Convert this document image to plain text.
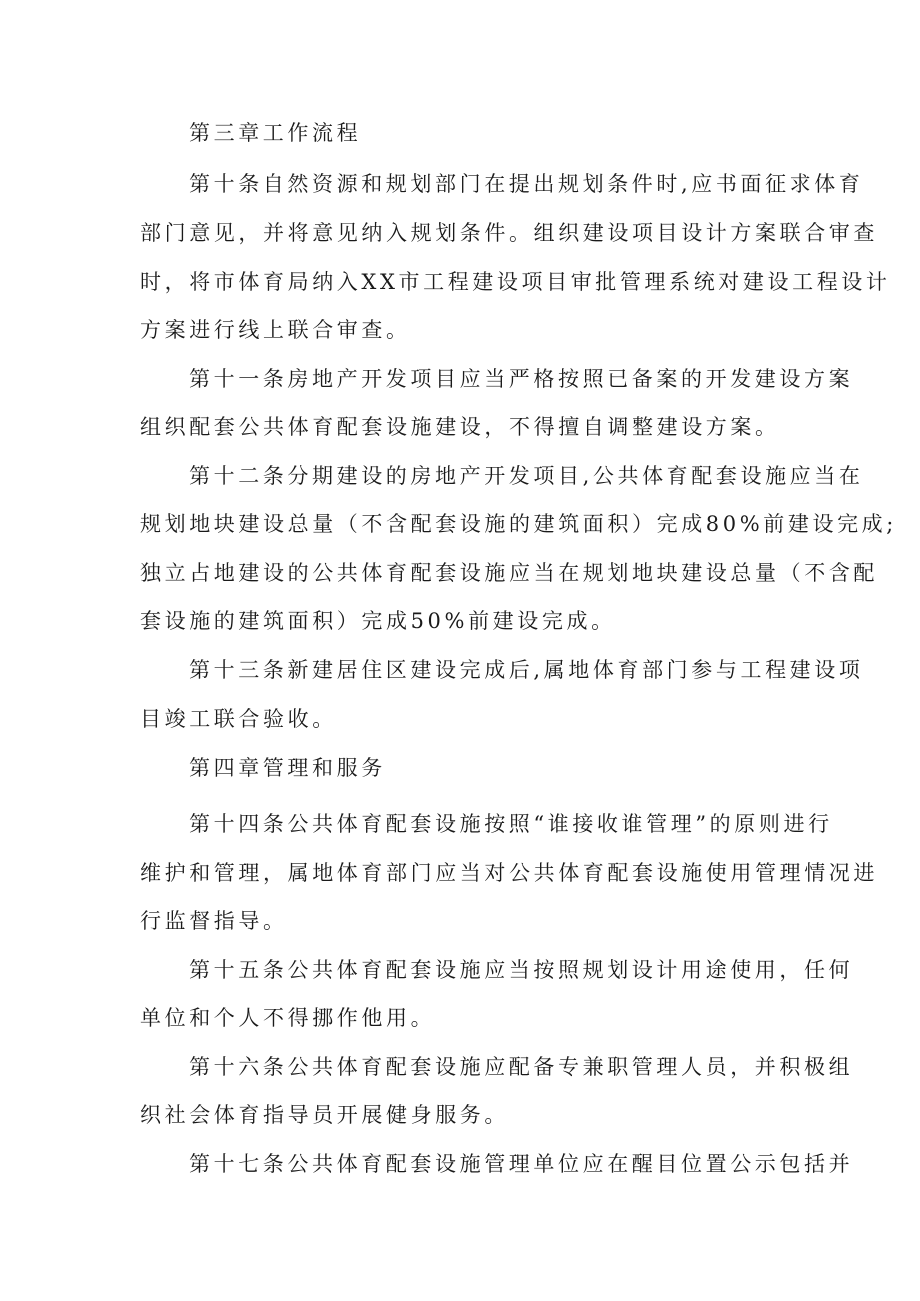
第三章工作流程
第十条自然资源和规划部门在提出规划条件时,应书面征求体育
部门意见，并将意见纳入规划条件。组织建设项目设计方案联合审查
时，将市体育局纳入XX市工程建设项目审批管理系统对建设工程设计
方案进行线上联合审查。
第十一条房地产开发项目应当严格按照已备案的开发建设方案
组织配套公共体育配套设施建设，不得擅自调整建设方案。
第十二条分期建设的房地产开发项目,公共体育配套设施应当在
规划地块建设总量（不含配套设施的建筑面积）完成80%前建设完成;
独立占地建设的公共体育配套设施应当在规划地块建设总量（不含配
套设施的建筑面积）完成50%前建设完成。
第十三条新建居住区建设完成后,属地体育部门参与工程建设项
目竣工联合验收。
第四章管理和服务
第十四条公共体育配套设施按照“谁接收谁管理”的原则进行
维护和管理，属地体育部门应当对公共体育配套设施使用管理情况进
行监督指导。
第十五条公共体育配套设施应当按照规划设计用途使用，任何
单位和个人不得挪作他用。
第十六条公共体育配套设施应配备专兼职管理人员，并积极组
织社会体育指导员开展健身服务。
第十七条公共体育配套设施管理单位应在醒目位置公示包括并
